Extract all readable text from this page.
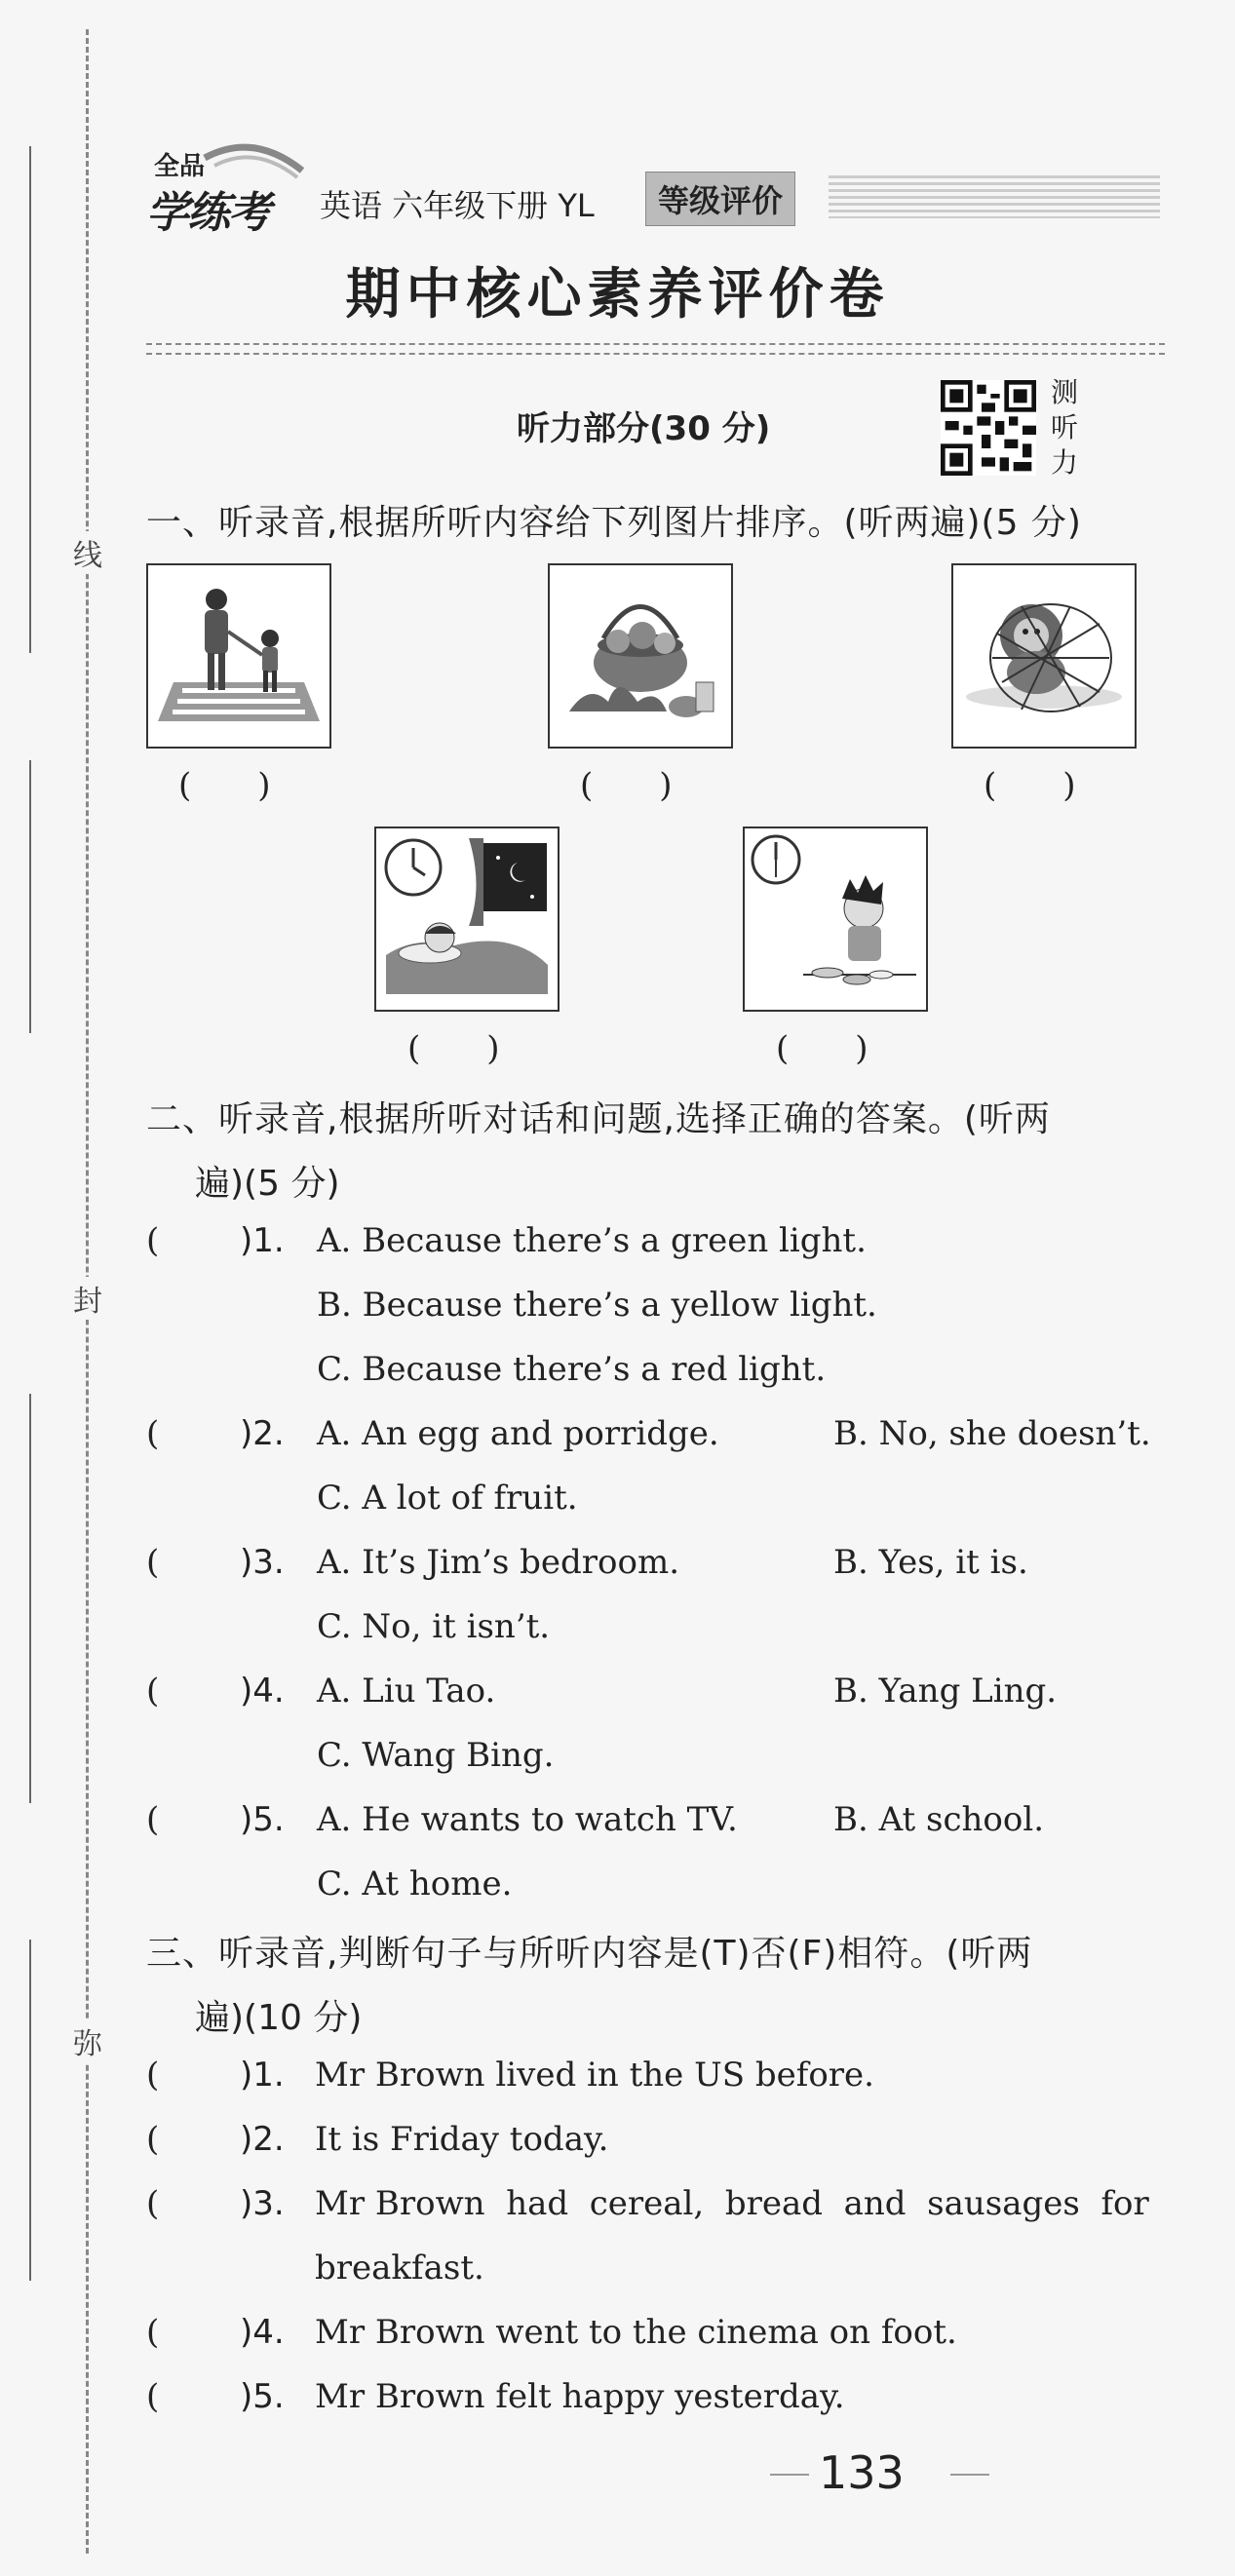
线
封
弥
全品
学练考 英语 六年级下册 YL	等级评价
期中核心素养评价卷
听力部分(30 分)
测
听
力
一、听录音,根据所听内容给下列图片排序。(听两遍)(5 分)
(　　)	(　　)	(　　)
(　　)	(　　)
二、听录音,根据所听对话和问题,选择正确的答案。(听两
遍)(5 分)
( )1. A. Because there’s a green light.
B. Because there’s a yellow light.
C. Because there’s a red light.
( )2. A. An egg and porridge.	B. No, she doesn’t.
C. A lot of fruit.
( )3. A. It’s Jim’s bedroom.	B. Yes, it is.
C. No, it isn’t.
( )4. A. Liu Tao.	B. Yang Ling.
C. Wang Bing.
( )5. A. He wants to watch TV.	B. At school.
C. At home.
三、听录音,判断句子与所听内容是(T)否(F)相符。(听两
遍)(10 分)
( )1. Mr Brown lived in the US before.
( )2. It is Friday today.
( )3. Mr Brown  had  cereal,  bread  and  sausages  for
breakfast.
( )4. Mr Brown went to the cinema on foot.
( )5. Mr Brown felt happy yesterday.
133
